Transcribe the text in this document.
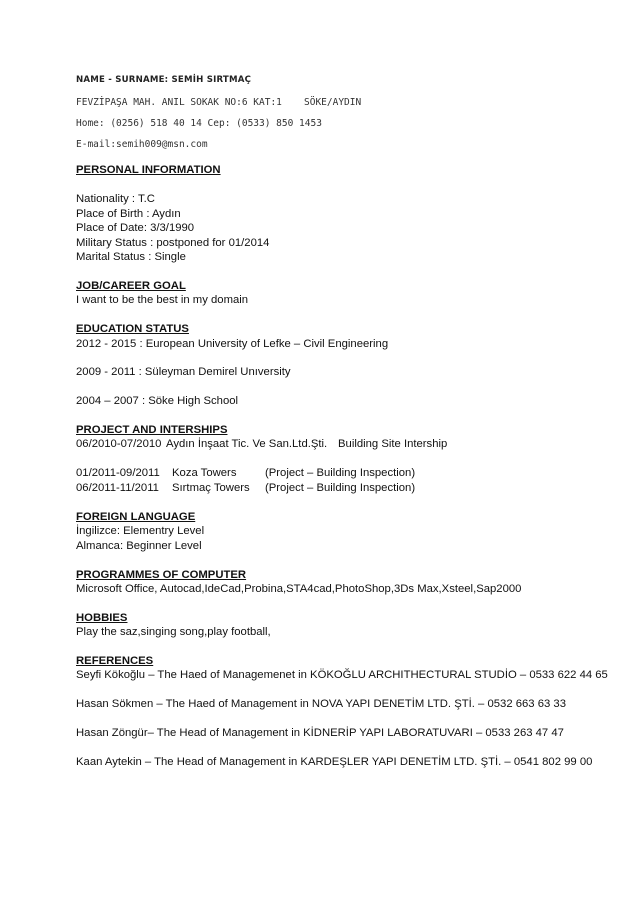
NAME - SURNAME: SEMİH SIRTMAÇ
FEVZİPAŞA MAH. ANIL SOKAK NO:6 KAT:1 SÖKE/AYDIN
Home: (0256) 518 40 14 Cep: (0533) 850 1453
E-mail:semih009@msn.com
PERSONAL INFORMATION
Nationality : T.C
Place of Birth : Aydın
Place of Date: 3/3/1990
Military Status : postponed for 01/2014
Marital Status : Single
JOB/CAREER GOAL
I want to be the best in my domain
EDUCATION STATUS
2012 - 2015 : European University of Lefke – Civil Engineering
2009 - 2011 : Süleyman Demirel Unıversity
2004 – 2007 : Söke High School
PROJECT AND INTERSHIPS
06/2010-07/2010 Aydın İnşaat Tic. Ve San.Ltd.Şti. Building Site Intership
01/2011-09/2011 Koza Towers	(Project – Building Inspection)
06/2011-11/2011 Sırtmaç Towers (Project – Building Inspection)
FOREIGN LANGUAGE
İngilizce: Elementry Level
Almanca: Beginner Level
PROGRAMMES OF COMPUTER
Microsoft Office, Autocad,IdeCad,Probina,STA4cad,PhotoShop,3Ds Max,Xsteel,Sap2000
HOBBIES
Play the saz,singing song,play football,
REFERENCES
Seyfi Kökoğlu – The Haed of Managemenet in KÖKOĞLU ARCHITHECTURAL STUDİO – 0533 622 44 65
Hasan Sökmen – The Haed of Management in NOVA YAPI DENETİM LTD. ŞTİ. – 0532 663 63 33
Hasan Zöngür– The Head of Management in KİDNERİP YAPI LABORATUVARI – 0533 263 47 47
Kaan Aytekin – The Head of Management in KARDEŞLER YAPI DENETİM LTD. ŞTİ. – 0541 802 99 00
